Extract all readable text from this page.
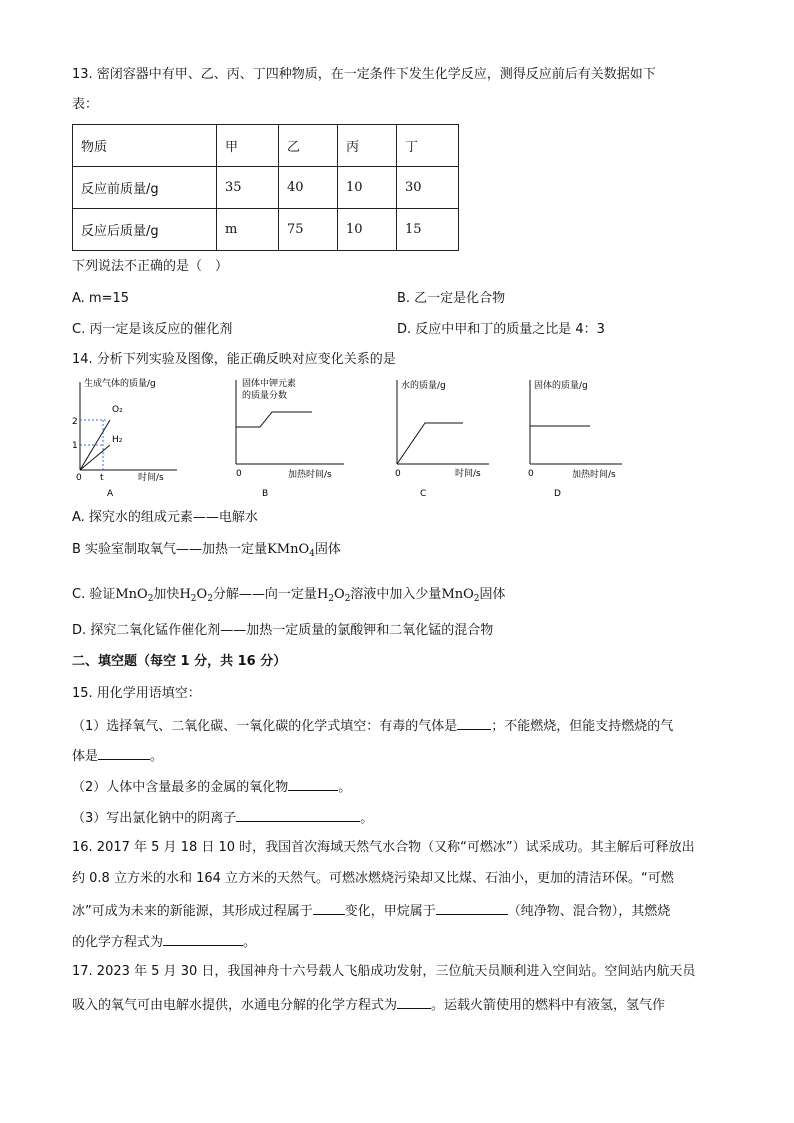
13. 密闭容器中有甲、乙、丙、丁四种物质，在一定条件下发生化学反应，测得反应前后有关数据如下
表：
物质	甲	乙	丙	丁
反应前质量/g	35	40	10	30
反应后质量/g	m	75	10	15
下列说法不正确的是（　）
A. m=15	B. 乙一定是化合物
C. 丙一定是该反应的催化剂	D. 反应中甲和丁的质量之比是 4：3
14. 分析下列实验及图像，能正确反映对应变化关系的是
生成气体的质量/g
O₂
H₂
2
1
0 t	时间/s
A
固体中钾元素
的质量分数
0	加热时间/s
B
水的质量/g
0	时间/s
C
固体的质量/g
0	加热时间/s
D
A. 探究水的组成元素——电解水
B 实验室制取氧气——加热一定量KMnO$_4$固体
C. 验证MnO$_2$加快$H_2O_2$分解——向一定量$H_2O_2$溶液中加入少量MnO$_2$固体
D. 探究二氧化锰作催化剂——加热一定质量的氯酸钾和二氧化锰的混合物
二、填空题（每空 1 分，共 16 分）
15. 用化学用语填空：
（1）选择氧气、二氧化碳、一氧化碳的化学式填空：有毒的气体是	；不能燃烧，但能支持燃烧的气
体是	。
（2）人体中含量最多的金属的氧化物	。
（3）写出氯化钠中的阴离子	。
16. 2017 年 5 月 18 日 10 时，我国首次海域天然气水合物（又称“可燃冰”）试采成功。其主解后可释放出
约 0.8 立方米的水和 164 立方米的天然气。可燃冰燃烧污染却又比煤、石油小，更加的清洁环保。“可燃
冰”可成为未来的新能源，其形成过程属于 变化，甲烷属于	（纯净物、混合物），其燃烧
的化学方程式为	。
17. 2023 年 5 月 30 日，我国神舟十六号载人飞船成功发射，三位航天员顺利进入空间站。空间站内航天员
吸入的氧气可由电解水提供，水通电分解的化学方程式为	。运载火箭使用的燃料中有液氢，氢气作
